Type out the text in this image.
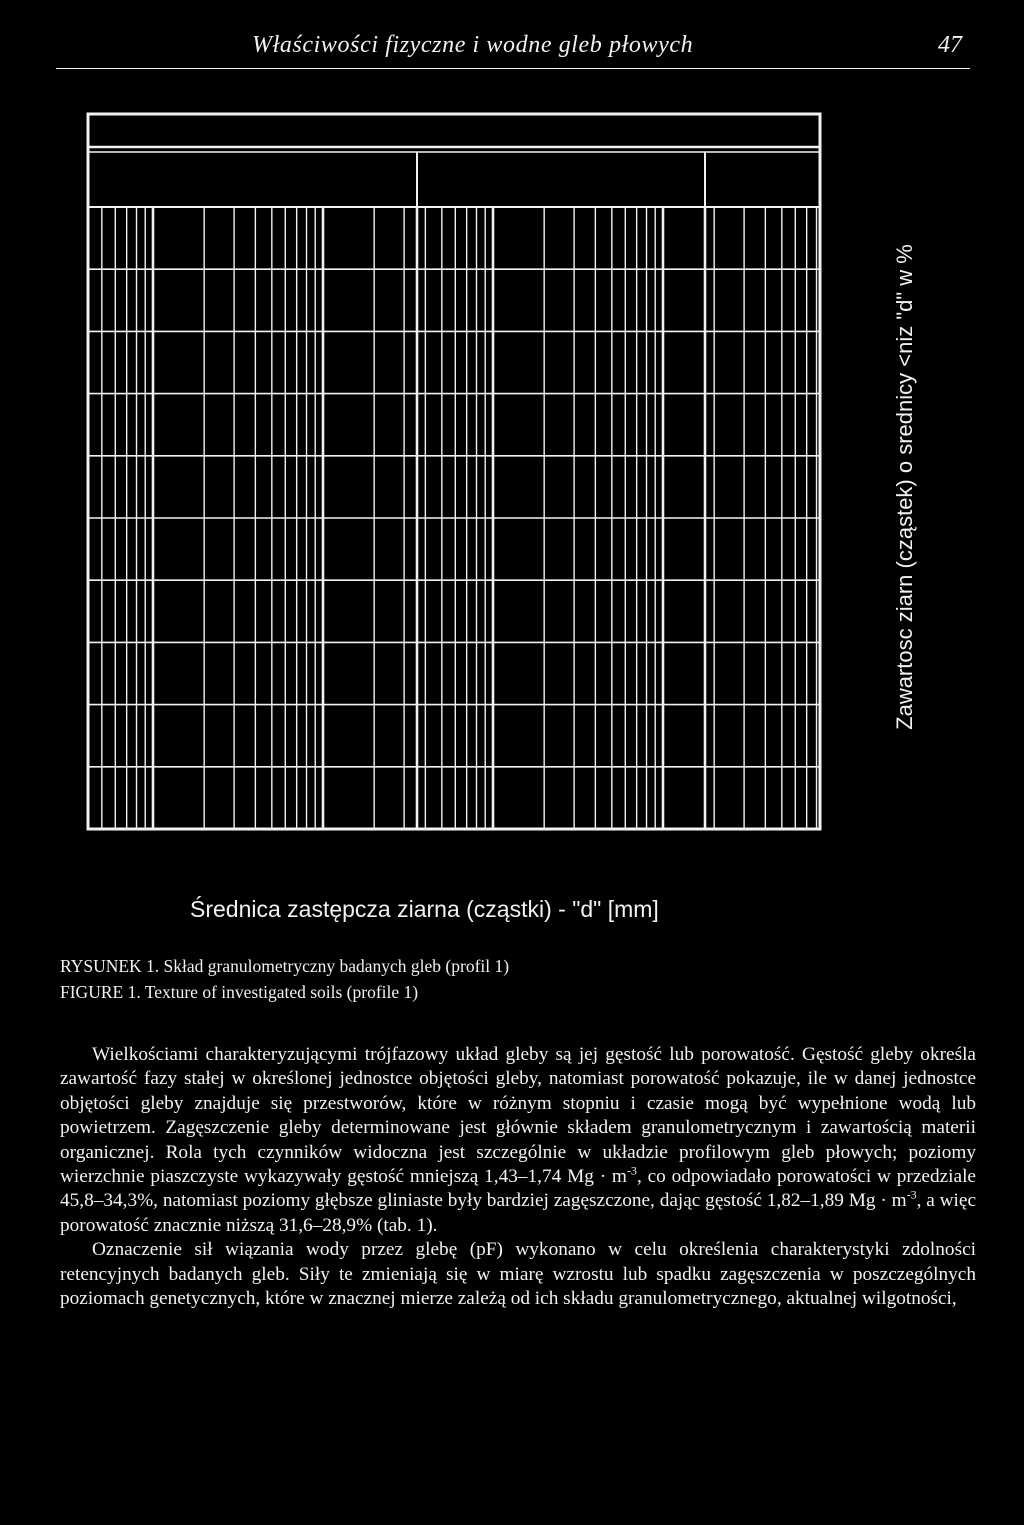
Właściwości fizyczne i wodne gleb płowych	47
Zawartosc ziarn (cząstek) o srednicy <niz "d" w %
Średnica zastępcza ziarna (cząstki) - "d" [mm]
RYSUNEK 1. Skład granulometryczny badanych gleb (profil 1)
FIGURE 1. Texture of investigated soils (profile 1)

Wielkościami charakteryzującymi trójfazowy układ gleby są jej gęstość lub porowatość. Gęstość gleby określa zawartość fazy stałej w określonej jednostce objętości gleby, natomiast porowatość pokazuje, ile w danej jednostce objętości gleby znajduje się przestworów, które w różnym stopniu i czasie mogą być wypełnione wodą lub powietrzem. Zagęszczenie gleby determinowane jest głównie składem granulometrycznym i zawartością materii organicznej. Rola tych czynników widoczna jest szczególnie w układzie profilowym gleb płowych; poziomy wierzchnie piaszczyste wykazywały gęstość mniejszą 1,43–1,74 $Mg \cdot m^{-3}$, co odpowiadało porowatości w przedziale 45,8–34,3%, natomiast poziomy głębsze gliniaste były bardziej zagęszczone, dając gęstość 1,82–1,89 $Mg \cdot m^{-3}$, a więc porowatość znacznie niższą 31,6–28,9% (tab. 1).

Oznaczenie sił wiązania wody przez glebę (pF) wykonano w celu określenia charakterystyki zdolności retencyjnych badanych gleb. Siły te zmieniają się w miarę wzrostu lub spadku zagęszczenia w poszczególnych poziomach genetycznych, które w znacznej mierze zależą od ich składu granulometrycznego, aktualnej wilgotności,
